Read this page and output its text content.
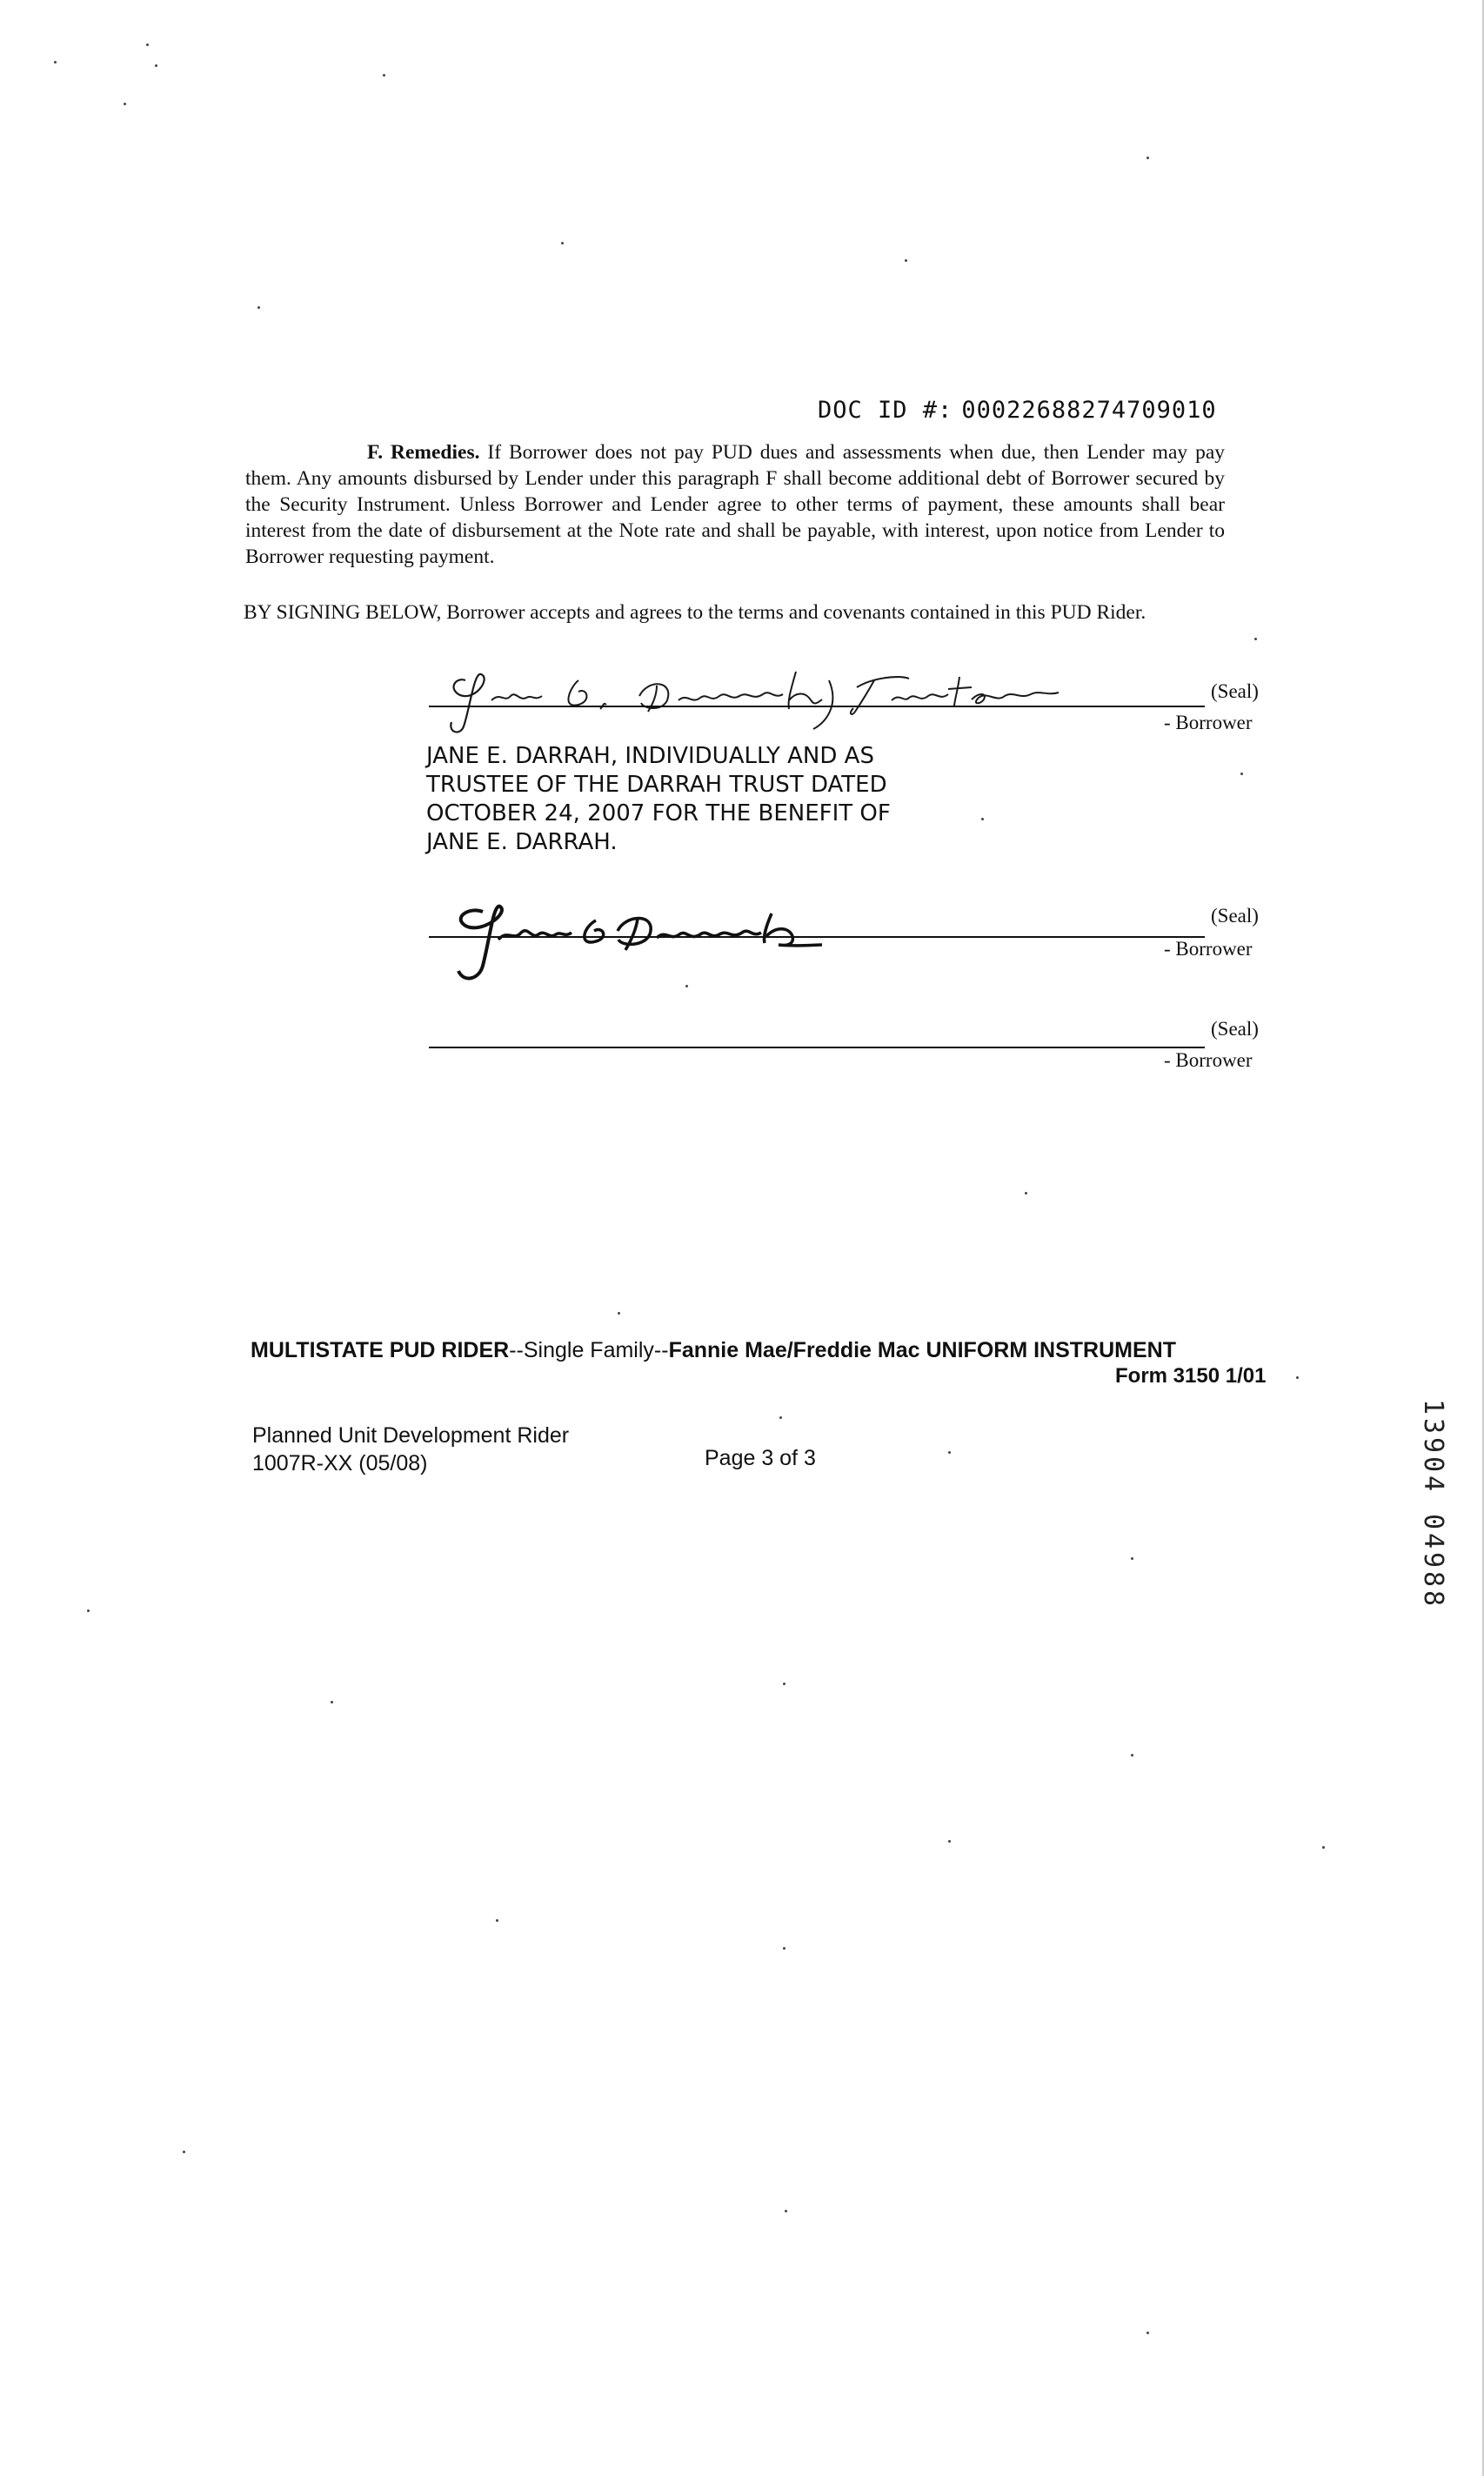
DOC ID #: 00022688274709010
F. Remedies. If Borrower does not pay PUD dues and assessments when due, then Lender may pay them. Any amounts disbursed by Lender under this paragraph F shall become additional debt of Borrower secured by the Security Instrument. Unless Borrower and Lender agree to other terms of payment, these amounts shall bear interest from the date of disbursement at the Note rate and shall be payable, with interest, upon notice from Lender to Borrower requesting payment.
BY SIGNING BELOW, Borrower accepts and agrees to the terms and covenants contained in this PUD Rider.
(Seal)
- Borrower
JANE E. DARRAH, INDIVIDUALLY AND AS
TRUSTEE OF THE DARRAH TRUST DATED
OCTOBER 24, 2007 FOR THE BENEFIT OF
JANE E. DARRAH.
(Seal)
- Borrower
(Seal)
- Borrower
MULTISTATE PUD RIDER--Single Family--Fannie Mae/Freddie Mac UNIFORM INSTRUMENT
Form 3150 1/01
Planned Unit Development Rider
1007R-XX (05/08)	Page 3 of 3
1
3
9
0
4
0
4
9
8
8
